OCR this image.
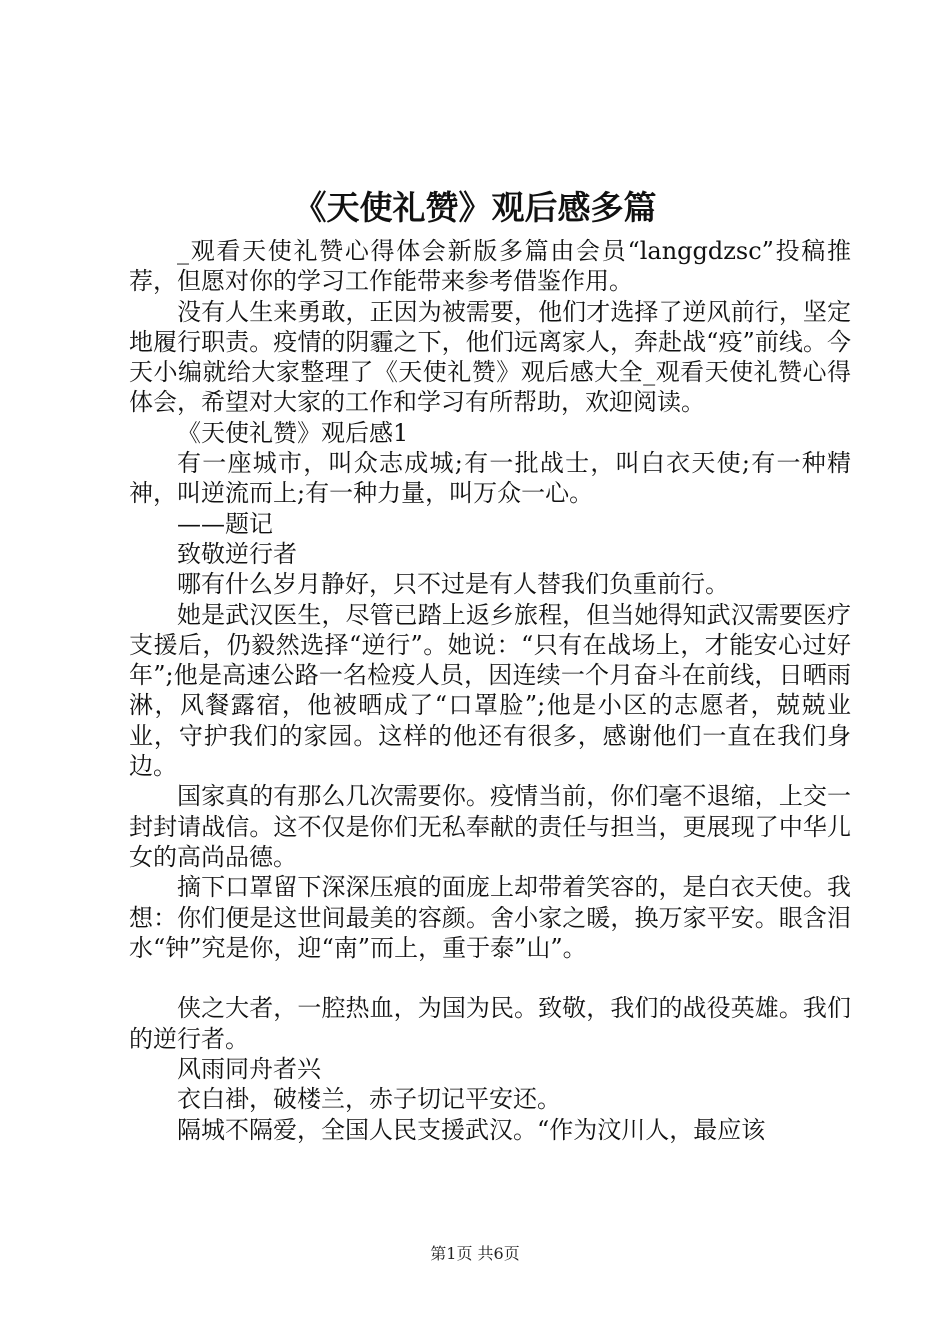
《天使礼赞》观后感多篇

_观看天使礼赞心得体会新版多篇由会员“langgdzsc”投稿推荐，但愿对你的学习工作能带来参考借鉴作用。

没有人生来勇敢，正因为被需要，他们才选择了逆风前行，坚定地履行职责。疫情的阴霾之下，他们远离家人，奔赴战“疫”前线。今天小编就给大家整理了《天使礼赞》观后感大全_观看天使礼赞心得体会，希望对大家的工作和学习有所帮助，欢迎阅读。

《天使礼赞》观后感1

有一座城市，叫众志成城;有一批战士，叫白衣天使;有一种精神，叫逆流而上;有一种力量，叫万众一心。

——题记

致敬逆行者

哪有什么岁月静好，只不过是有人替我们负重前行。

她是武汉医生，尽管已踏上返乡旅程，但当她得知武汉需要医疗支援后，仍毅然选择“逆行”。她说：“只有在战场上，才能安心过好年”;他是高速公路一名检疫人员，因连续一个月奋斗在前线，日晒雨淋，风餐露宿，他被晒成了“口罩脸”;他是小区的志愿者，兢兢业业，守护我们的家园。这样的他还有很多，感谢他们一直在我们身边。

国家真的有那么几次需要你。疫情当前，你们毫不退缩，上交一封封请战信。这不仅是你们无私奉献的责任与担当，更展现了中华儿女的高尚品德。

摘下口罩留下深深压痕的面庞上却带着笑容的，是白衣天使。我想：你们便是这世间最美的容颜。舍小家之暖，换万家平安。眼含泪水“钟”究是你，迎“南”而上，重于泰”山”。

侠之大者，一腔热血，为国为民。致敬，我们的战役英雄。我们的逆行者。

风雨同舟者兴

衣白褂，破楼兰，赤子切记平安还。

隔城不隔爱，全国人民支援武汉。“作为汶川人，最应该

第1页 共6页
